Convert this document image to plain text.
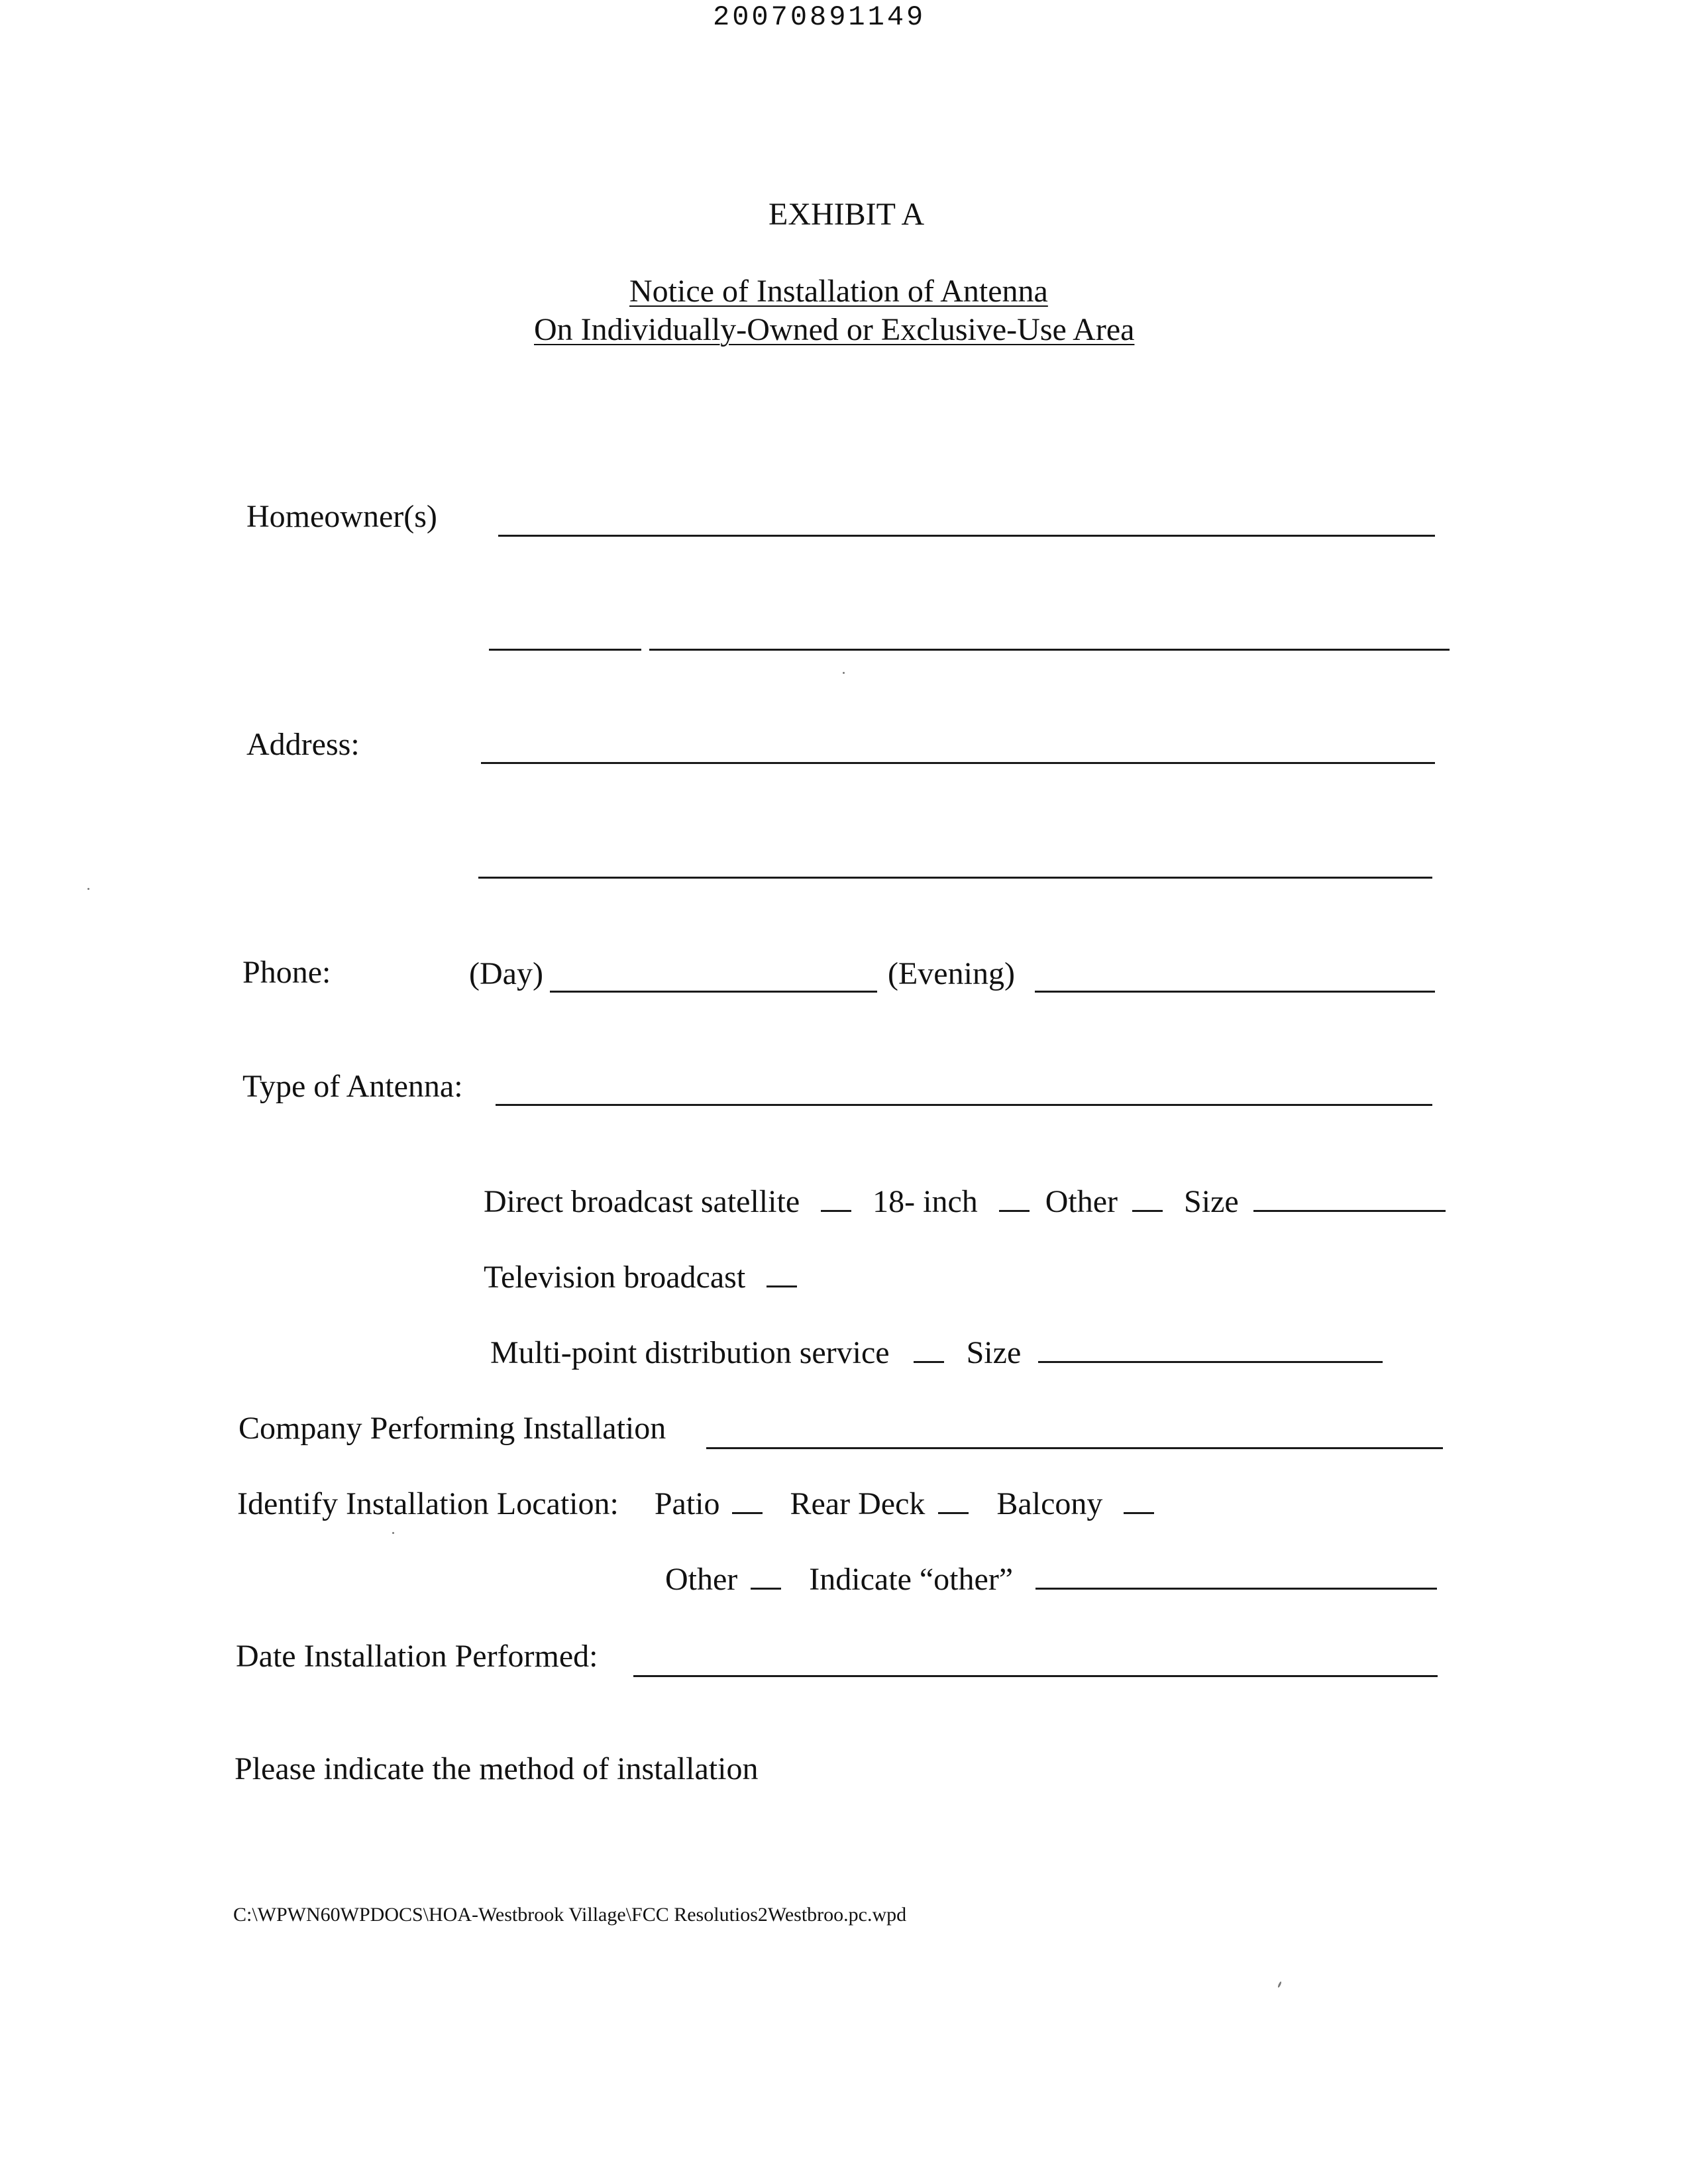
20070891149
EXHIBIT A
Notice of Installation of Antenna
On Individually-Owned or Exclusive-Use Area
Homeowner(s)
Address:
Phone:	(Day)	(Evening)
Type of Antenna:
Direct broadcast satellite 18- inch Other Size
Television broadcast
Multi-point distribution service Size
Company Performing Installation
Identify Installation Location: Patio Rear Deck Balcony
Other Indicate “other”
Date Installation Performed:
Please indicate the method of installation
C:\WPWN60WPDOCS\HOA-Westbrook Village\FCC Resolutios2Westbroo.pc.wpd
